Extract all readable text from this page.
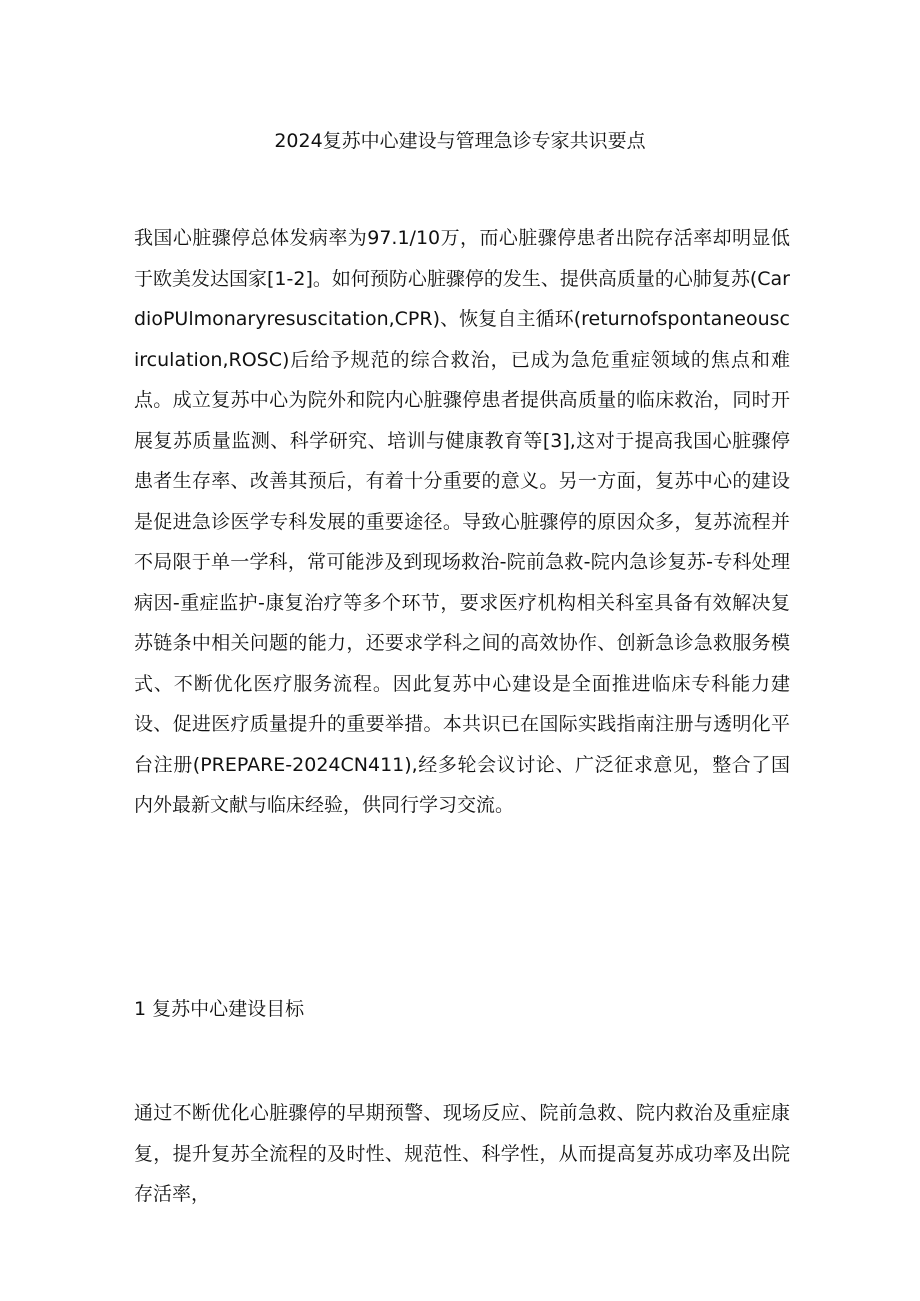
2024复苏中心建设与管理急诊专家共识要点

我国心脏骤停总体发病率为97.1/10万，而心脏骤停患者出院存活率却明显低于欧美发达国家[1-2]。如何预防心脏骤停的发生、提供高质量的心肺复苏(CardioPUlmonaryresuscitation,CPR)、恢复自主循环(returnofspontaneouscirculation,ROSC)后给予规范的综合救治，已成为急危重症领域的焦点和难点。成立复苏中心为院外和院内心脏骤停患者提供高质量的临床救治，同时开展复苏质量监测、科学研究、培训与健康教育等[3],这对于提高我国心脏骤停患者生存率、改善其预后，有着十分重要的意义。另一方面，复苏中心的建设是促进急诊医学专科发展的重要途径。导致心脏骤停的原因众多，复苏流程并不局限于单一学科，常可能涉及到现场救治-院前急救-院内急诊复苏-专科处理病因-重症监护-康复治疗等多个环节，要求医疗机构相关科室具备有效解决复苏链条中相关问题的能力，还要求学科之间的高效协作、创新急诊急救服务模式、不断优化医疗服务流程。因此复苏中心建设是全面推进临床专科能力建设、促进医疗质量提升的重要举措。本共识已在国际实践指南注册与透明化平台注册(PREPARE-2024CN411),经多轮会议讨论、广泛征求意见，整合了国内外最新文献与临床经验，供同行学习交流。

1 复苏中心建设目标

通过不断优化心脏骤停的早期预警、现场反应、院前急救、院内救治及重症康复，提升复苏全流程的及时性、规范性、科学性，从而提高复苏成功率及出院存活率，
